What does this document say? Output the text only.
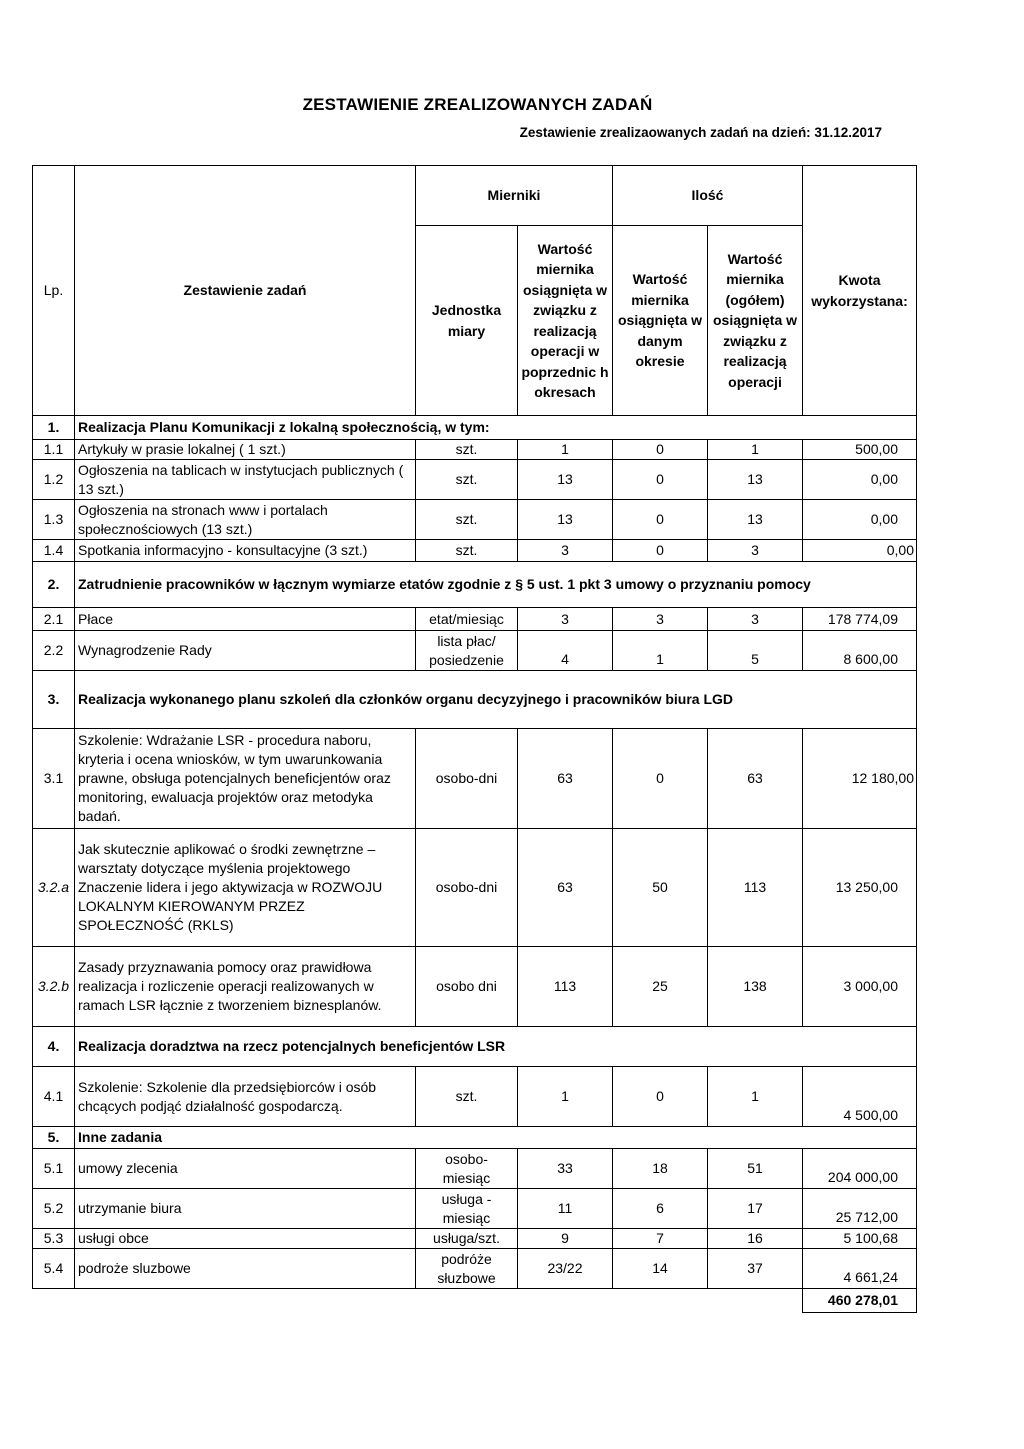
ZESTAWIENIE ZREALIZOWANYCH ZADAŃ
Zestawienie zrealizaowanych zadań na dzień: 31.12.2017
Lp.	Zestawienie zadań	Mierniki		Ilość		Kwota wykorzystana:
		Jednostka miary	Wartość miernika osiągnięta w związku z realizacją operacji w poprzednic h okresach	Wartość miernika osiągnięta w danym okresie	Wartość miernika (ogółem) osiągnięta w związku z realizacją operacji	
1.	Realizacja Planu Komunikacji z lokalną społecznością, w tym:					
1.1	Artykuły w prasie lokalnej ( 1 szt.)	szt.	1	0	1	500,00
1.2	Ogłoszenia na tablicach w instytucjach publicznych ( 13 szt.)	szt.	13	0	13	0,00
1.3	Ogłoszenia na stronach www i portalach społecznościowych (13 szt.)	szt.	13	0	13	0,00
1.4	Spotkania informacyjno - konsultacyjne (3 szt.)	szt.	3	0	3	0,00
2.	Zatrudnienie pracowników w łącznym wymiarze etatów zgodnie z § 5 ust. 1 pkt 3 umowy o przyznaniu pomocy					
2.1	Płace	etat/miesiąc	3	3	3	178 774,09
2.2	Wynagrodzenie Rady	lista płac/ posiedzenie	4	1	5	8 600,00
3.	Realizacja wykonanego planu szkoleń dla członków organu decyzyjnego i pracowników biura LGD					
3.1	Szkolenie: Wdrażanie LSR - procedura naboru, kryteria i ocena wniosków, w tym uwarunkowania prawne, obsługa potencjalnych beneficjentów oraz monitoring, ewaluacja projektów oraz metodyka badań.	osobo-dni	63	0	63	12 180,00
3.2.a	Jak skutecznie aplikować o środki zewnętrzne – warsztaty dotyczące myślenia projektowego Znaczenie lidera i jego aktywizacja w ROZWOJU LOKALNYM KIEROWANYM PRZEZ SPOŁECZNOŚĆ (RKLS)	osobo-dni	63	50	113	13 250,00
3.2.b	Zasady przyznawania pomocy oraz prawidłowa realizacja i rozliczenie operacji realizowanych w ramach LSR łącznie z tworzeniem biznesplanów.	osobo dni	113	25	138	3 000,00
4.	Realizacja doradztwa na rzecz potencjalnych beneficjentów LSR					
4.1	Szkolenie: Szkolenie dla przedsiębiorców i osób chcących podjąć działalność gospodarczą.	szt.	1	0	1	4 500,00
5.	Inne zadania					
5.1	umowy zlecenia	osobo-miesiąc	33	18	51	204 000,00
5.2	utrzymanie biura	usługa - miesiąc	11	6	17	25 712,00
5.3	usługi obce	usługa/szt.	9	7	16	5 100,68
5.4	podroże sluzbowe	podróże słuzbowe	23/22	14	37	4 661,24
						460 278,01
